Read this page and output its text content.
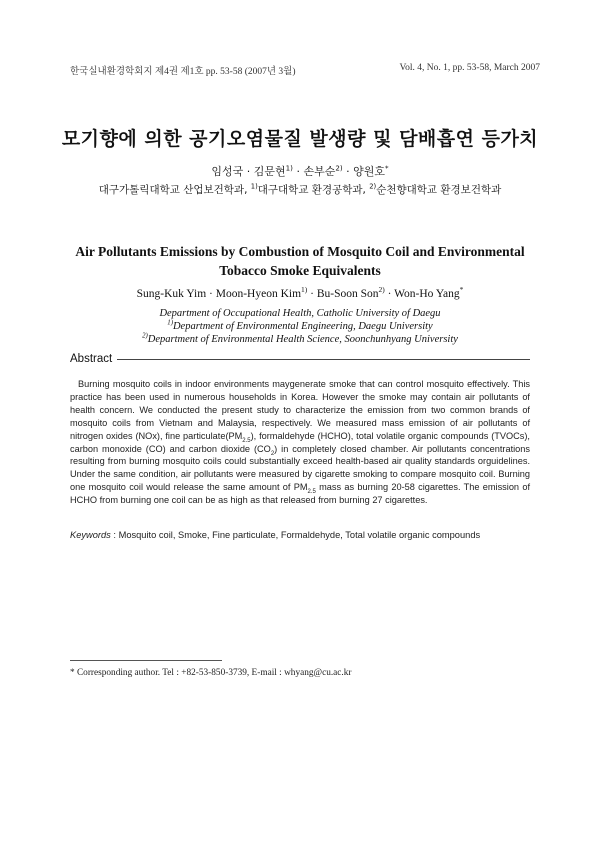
한국실내환경학회지 제4권 제1호 pp. 53-58 (2007년 3월)	Vol. 4, No. 1, pp. 53-58, March 2007
모기향에 의한 공기오염물질 발생량 및 담배흡연 등가치
임성국 · 김문현$^{1)}$ · 손부순$^{2)}$ · 양원호*
대구가톨릭대학교 산업보건학과, $^{1)}$대구대학교 환경공학과, $^{2)}$순천향대학교 환경보건학과
Air Pollutants Emissions by Combustion of Mosquito Coil and Environmental
Tobacco Smoke Equivalents
Sung-Kuk Yim · Moon-Hyeon Kim$^{1)}$ · Bu-Soon Son$^{2)}$ · Won-Ho Yang*
Department of Occupational Health, Catholic University of Daegu
$^{1)}$Department of Environmental Engineering, Daegu University
$^{2)}$Department of Environmental Health Science, Soonchunhyang University
Abstract
Burning mosquito coils in indoor environments maygenerate smoke that can control mosquito effectively. This practice has been used in numerous households in Korea. However the smoke may contain air pollutants of health concern. We conducted the present study to characterize the emission from two common brands of mosquito coils from Vietnam and Malaysia, respectively. We measured mass emission of air pollutants of nitrogen oxides (NOx), fine $particulate(PM_{2.5})$, formaldehyde (HCHO), total volatile organic compounds (TVOCs), carbon monoxide (CO) and carbon dioxide $(CO_2)$ in completely closed chamber. Air pollutants concentrations resulting from burning mosquito coils could substantially exceed health-based air quality standards orguidelines. Under the same condition, air pollutants were measured by cigarette smoking to compare mosquito coil. Burning one mosquito coil would release the same amount of $PM_{2.5}$ mass as burning 20-58 cigarettes. The emission of HCHO from burning one coil can be as high as that released from burning 27 cigarettes.
Keywords : Mosquito coil, Smoke, Fine particulate, Formaldehyde, Total volatile organic compounds
* Corresponding author. Tel : +82-53-850-3739, E-mail : whyang@cu.ac.kr
